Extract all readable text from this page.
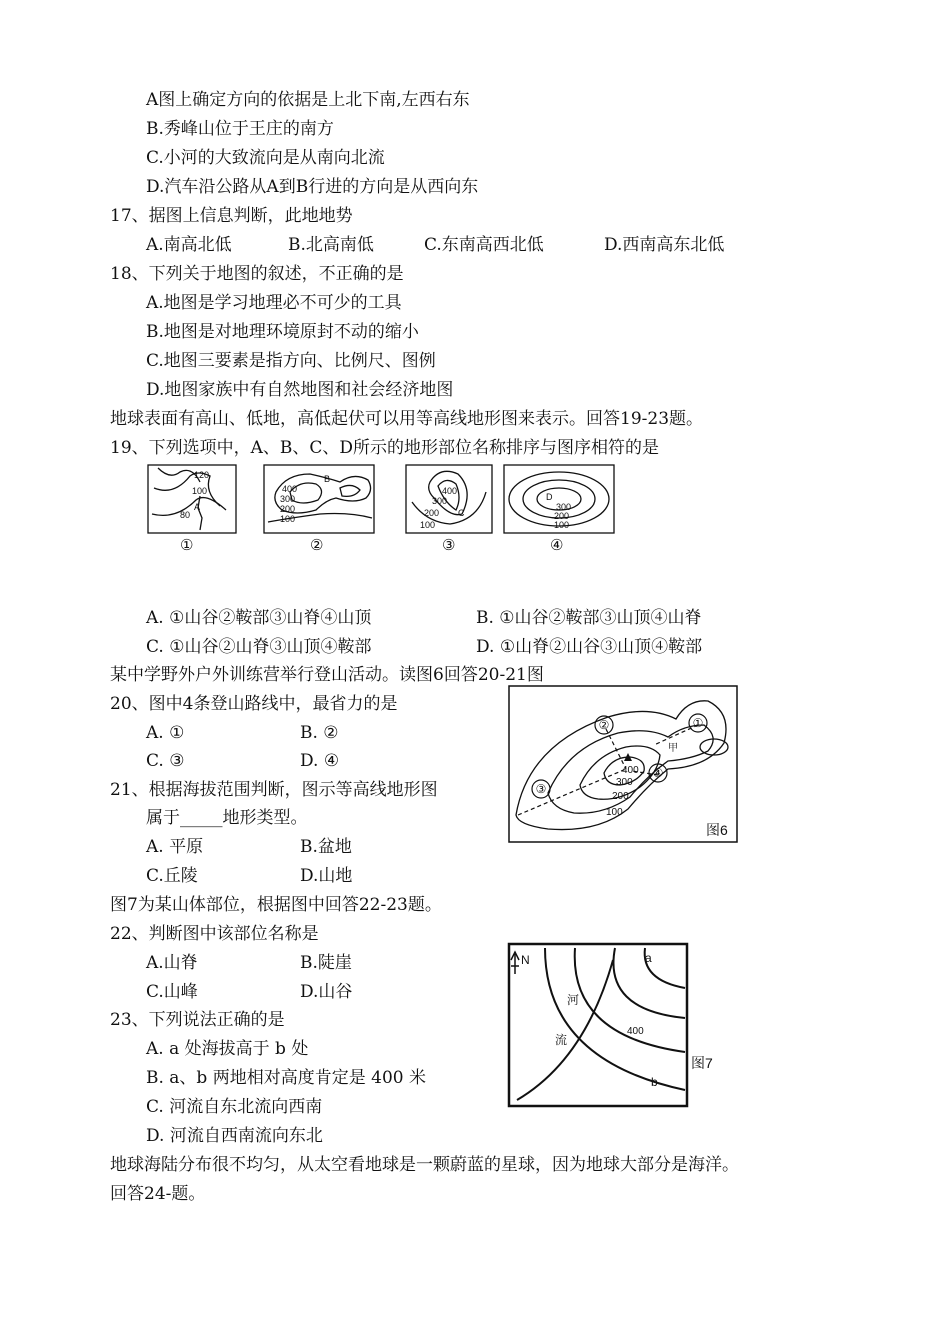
A图上确定方向的依据是上北下南,左西右东
B.秀峰山位于王庄的南方
C.小河的大致流向是从南向北流
D.汽车沿公路从A到B行进的方向是从西向东
17、据图上信息判断，此地地势
A.南高北低	B.北高南低	C.东南高西北低	D.西南高东北低
18、下列关于地图的叙述，不正确的是
A.地图是学习地理必不可少的工具
B.地图是对地理环境原封不动的缩小
C.地图三要素是指方向、比例尺、图例
D.地图家族中有自然地图和社会经济地图
地球表面有高山、低地，高低起伏可以用等高线地形图来表示。回答19-23题。
19、下列选项中，A、B、C、D所示的地形部位名称排序与图序相符的是
120
100
80
A
400
300
200
100
B
400
300
200
100
C
D
300
200
100
①	②	③	④
A. ①山谷②鞍部③山脊④山顶	B. ①山谷②鞍部③山顶④山脊
C. ①山谷②山脊③山顶④鞍部	D. ①山脊②山谷③山顶④鞍部
某中学野外户外训练营举行登山活动。读图6回答20-21图
20、图中4条登山路线中，最省力的是
A. ①	B. ②
C. ③	D. ④
②	①
③
④
甲
400
300
200
100
图6
21、根据海拔范围判断，图示等高线地形图
属于_____地形类型。
A. 平原	B.盆地
C.丘陵	D.山地
图7为某山体部位，根据图中回答22-23题。
22、判断图中该部位名称是
A.山脊	B.陡崖
C.山峰	D.山谷
N	a
b
400
河
流
图7
23、下列说法正确的是
A. a 处海拔高于 b 处
B. a、b 两地相对高度肯定是 400 米
C. 河流自东北流向西南
D. 河流自西南流向东北
地球海陆分布很不均匀，从太空看地球是一颗蔚蓝的星球，因为地球大部分是海洋。
回答24-题。
